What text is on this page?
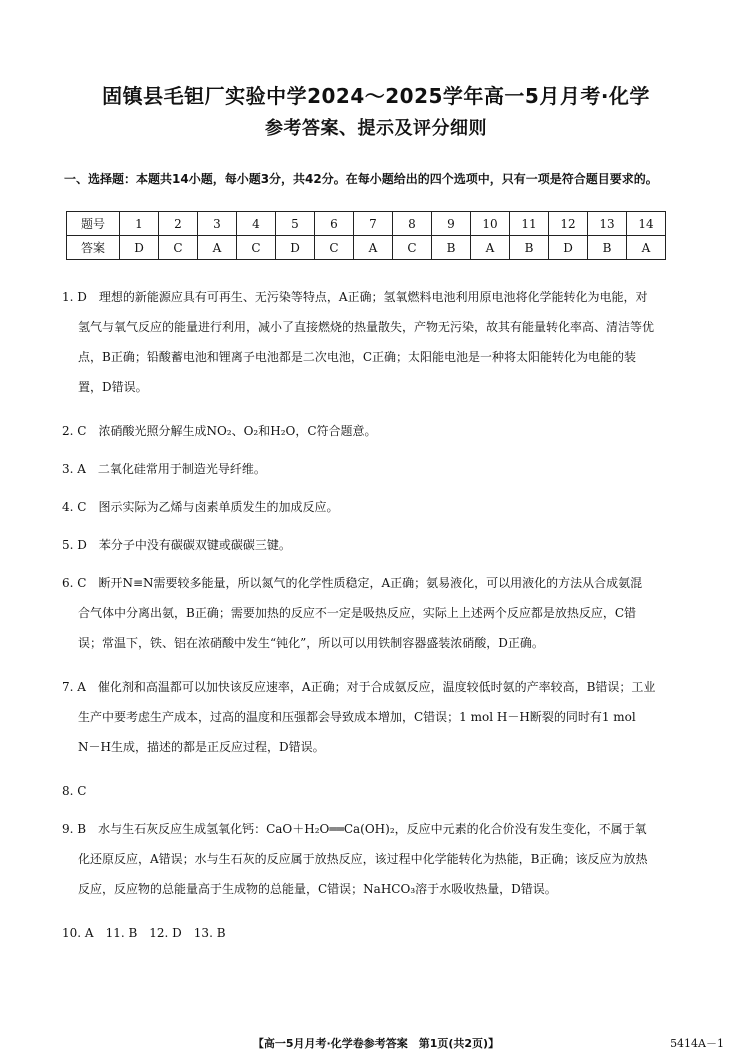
固镇县毛钽厂实验中学2024～2025学年高一5月月考·化学
参考答案、提示及评分细则
一、选择题：本题共14小题，每小题3分，共42分。在每小题给出的四个选项中，只有一项是符合题目要求的。
题号	1	2	3	4	5	6	7	8	9	10	11	12	13	14
答案	D	C	A	C	D	C	A	C	B	A	B	D	B	A
1. D　理想的新能源应具有可再生、无污染等特点，A正确；氢氧燃料电池利用原电池将化学能转化为电能，对
氢气与氧气反应的能量进行利用，减小了直接燃烧的热量散失，产物无污染，故其有能量转化率高、清洁等优
点，B正确；铅酸蓄电池和锂离子电池都是二次电池，C正确；太阳能电池是一种将太阳能转化为电能的装
置，D错误。
2. C　浓硝酸光照分解生成NO₂、O₂和H₂O，C符合题意。
3. A　二氧化硅常用于制造光导纤维。
4. C　图示实际为乙烯与卤素单质发生的加成反应。
5. D　苯分子中没有碳碳双键或碳碳三键。
6. C　断开N≡N需要较多能量，所以氮气的化学性质稳定，A正确；氨易液化，可以用液化的方法从合成氨混
合气体中分离出氨，B正确；需要加热的反应不一定是吸热反应，实际上上述两个反应都是放热反应，C错
误；常温下，铁、铝在浓硝酸中发生“钝化”，所以可以用铁制容器盛装浓硝酸，D正确。
7. A　催化剂和高温都可以加快该反应速率，A正确；对于合成氨反应，温度较低时氨的产率较高，B错误；工业
生产中要考虑生产成本，过高的温度和压强都会导致成本增加，C错误；1 mol H－H断裂的同时有1 mol
N－H生成，描述的都是正反应过程，D错误。
8. C
9. B　水与生石灰反应生成氢氧化钙：CaO＋H₂O══Ca(OH)₂，反应中元素的化合价没有发生变化，不属于氧
化还原反应，A错误；水与生石灰的反应属于放热反应，该过程中化学能转化为热能，B正确；该反应为放热
反应，反应物的总能量高于生成物的总能量，C错误；NaHCO₃溶于水吸收热量，D错误。
10. A　11. B　12. D　13. B
【高一5月月考·化学卷参考答案　第1页(共2页)】	5414A－1
